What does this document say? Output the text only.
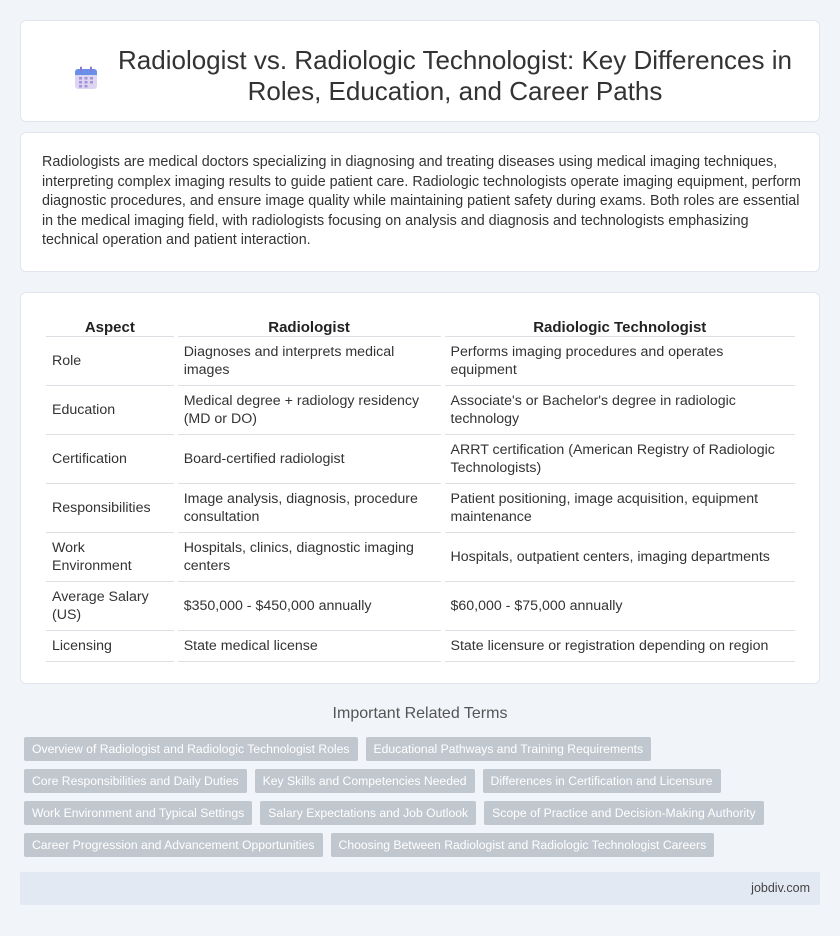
Radiologist vs. Radiologic Technologist: Key Differences in Roles, Education, and Career Paths

Radiologists are medical doctors specializing in diagnosing and treating diseases using medical imaging techniques, interpreting complex imaging results to guide patient care. Radiologic technologists operate imaging equipment, perform diagnostic procedures, and ensure image quality while maintaining patient safety during exams. Both roles are essential in the medical imaging field, with radiologists focusing on analysis and diagnosis and technologists emphasizing technical operation and patient interaction.

Aspect	Radiologist	Radiologic Technologist
Role	Diagnoses and interprets medical images	Performs imaging procedures and operates equipment
Education	Medical degree + radiology residency (MD or DO)	Associate's or Bachelor's degree in radiologic technology
Certification	Board-certified radiologist	ARRT certification (American Registry of Radiologic Technologists)
Responsibilities	Image analysis, diagnosis, procedure consultation	Patient positioning, image acquisition, equipment maintenance
Work Environment	Hospitals, clinics, diagnostic imaging centers	Hospitals, outpatient centers, imaging departments
Average Salary (US)	$350,000 - $450,000 annually	$60,000 - $75,000 annually
Licensing	State medical license	State licensure or registration depending on region
Important Related Terms
Overview of Radiologist and Radiologic Technologist Roles	Educational Pathways and Training Requirements
Core Responsibilities and Daily Duties	Key Skills and Competencies Needed	Differences in Certification and Licensure
Work Environment and Typical Settings	Salary Expectations and Job Outlook	Scope of Practice and Decision-Making Authority
Career Progression and Advancement Opportunities	Choosing Between Radiologist and Radiologic Technologist Careers
jobdiv.com
